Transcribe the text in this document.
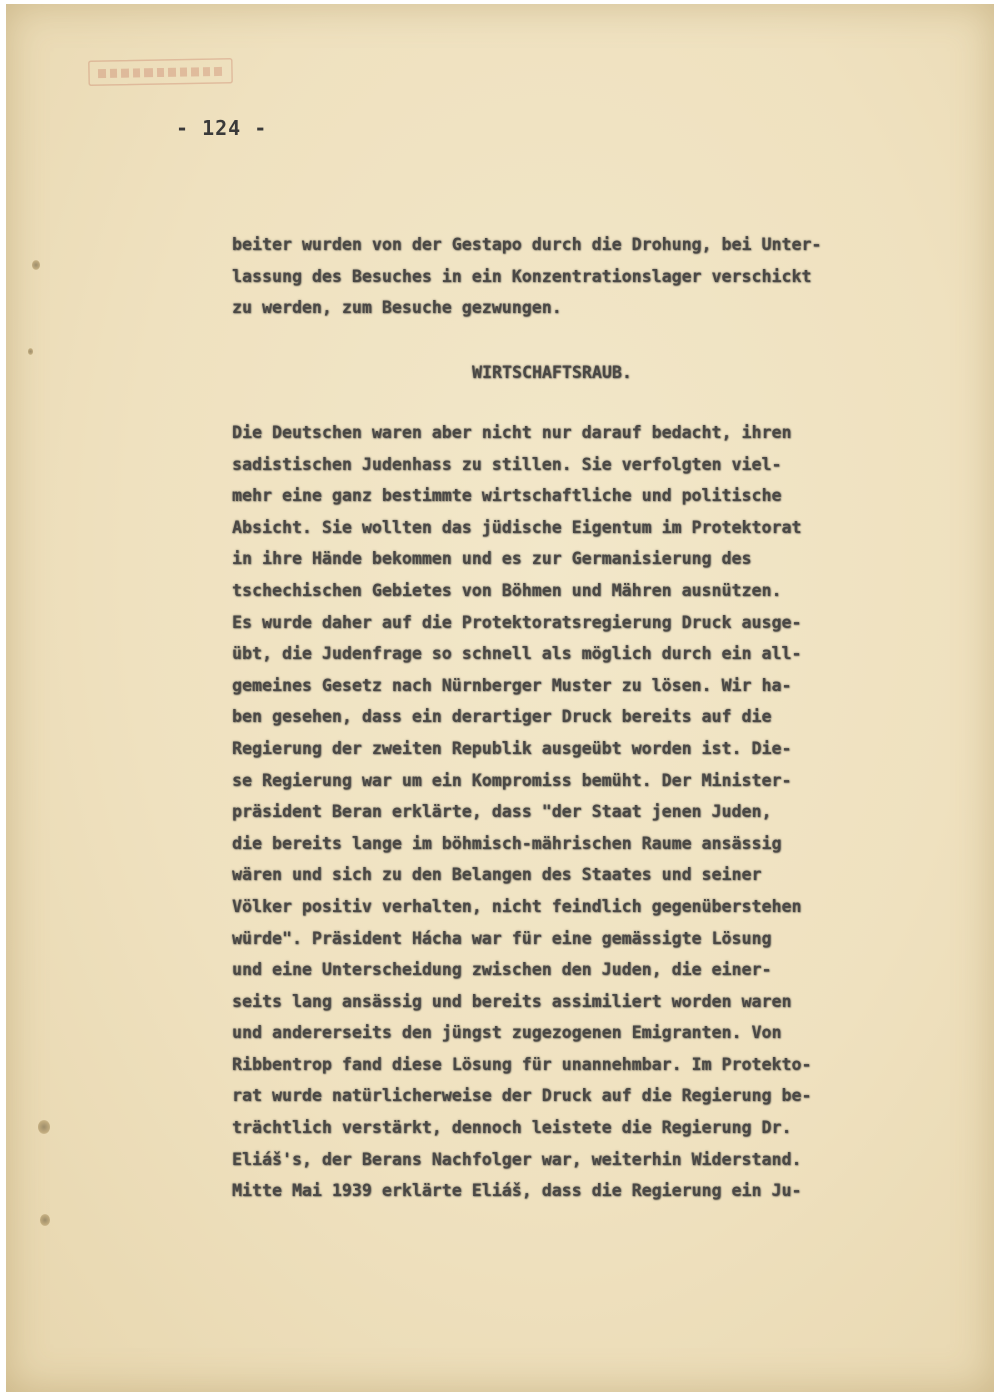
- 124 -
beiter wurden von der Gestapo durch die Drohung, bei Unter-
lassung des Besuches in ein Konzentrationslager verschickt
zu werden, zum Besuche gezwungen.
WIRTSCHAFTSRAUB.
Die Deutschen waren aber nicht nur darauf bedacht, ihren
sadistischen Judenhass zu stillen. Sie verfolgten viel-
mehr eine ganz bestimmte wirtschaftliche und politische
Absicht. Sie wollten das jüdische Eigentum im Protektorat
in ihre Hände bekommen und es zur Germanisierung des
tschechischen Gebietes von Böhmen und Mähren ausnützen.
Es wurde daher auf die Protektoratsregierung Druck ausge-
übt, die Judenfrage so schnell als möglich durch ein all-
gemeines Gesetz nach Nürnberger Muster zu lösen. Wir ha-
ben gesehen, dass ein derartiger Druck bereits auf die
Regierung der zweiten Republik ausgeübt worden ist. Die-
se Regierung war um ein Kompromiss bemüht. Der Minister-
präsident Beran erklärte, dass "der Staat jenen Juden,
die bereits lange im böhmisch-mährischen Raume ansässig
wären und sich zu den Belangen des Staates und seiner
Völker positiv verhalten, nicht feindlich gegenüberstehen
würde". Präsident Hácha war für eine gemässigte Lösung
und eine Unterscheidung zwischen den Juden, die einer-
seits lang ansässig und bereits assimiliert worden waren
und andererseits den jüngst zugezogenen Emigranten. Von
Ribbentrop fand diese Lösung für unannehmbar. Im Protekto-
rat wurde natürlicherweise der Druck auf die Regierung be-
trächtlich verstärkt, dennoch leistete die Regierung Dr.
Eliáš's, der Berans Nachfolger war, weiterhin Widerstand.
Mitte Mai 1939 erklärte Eliáš, dass die Regierung ein Ju-
